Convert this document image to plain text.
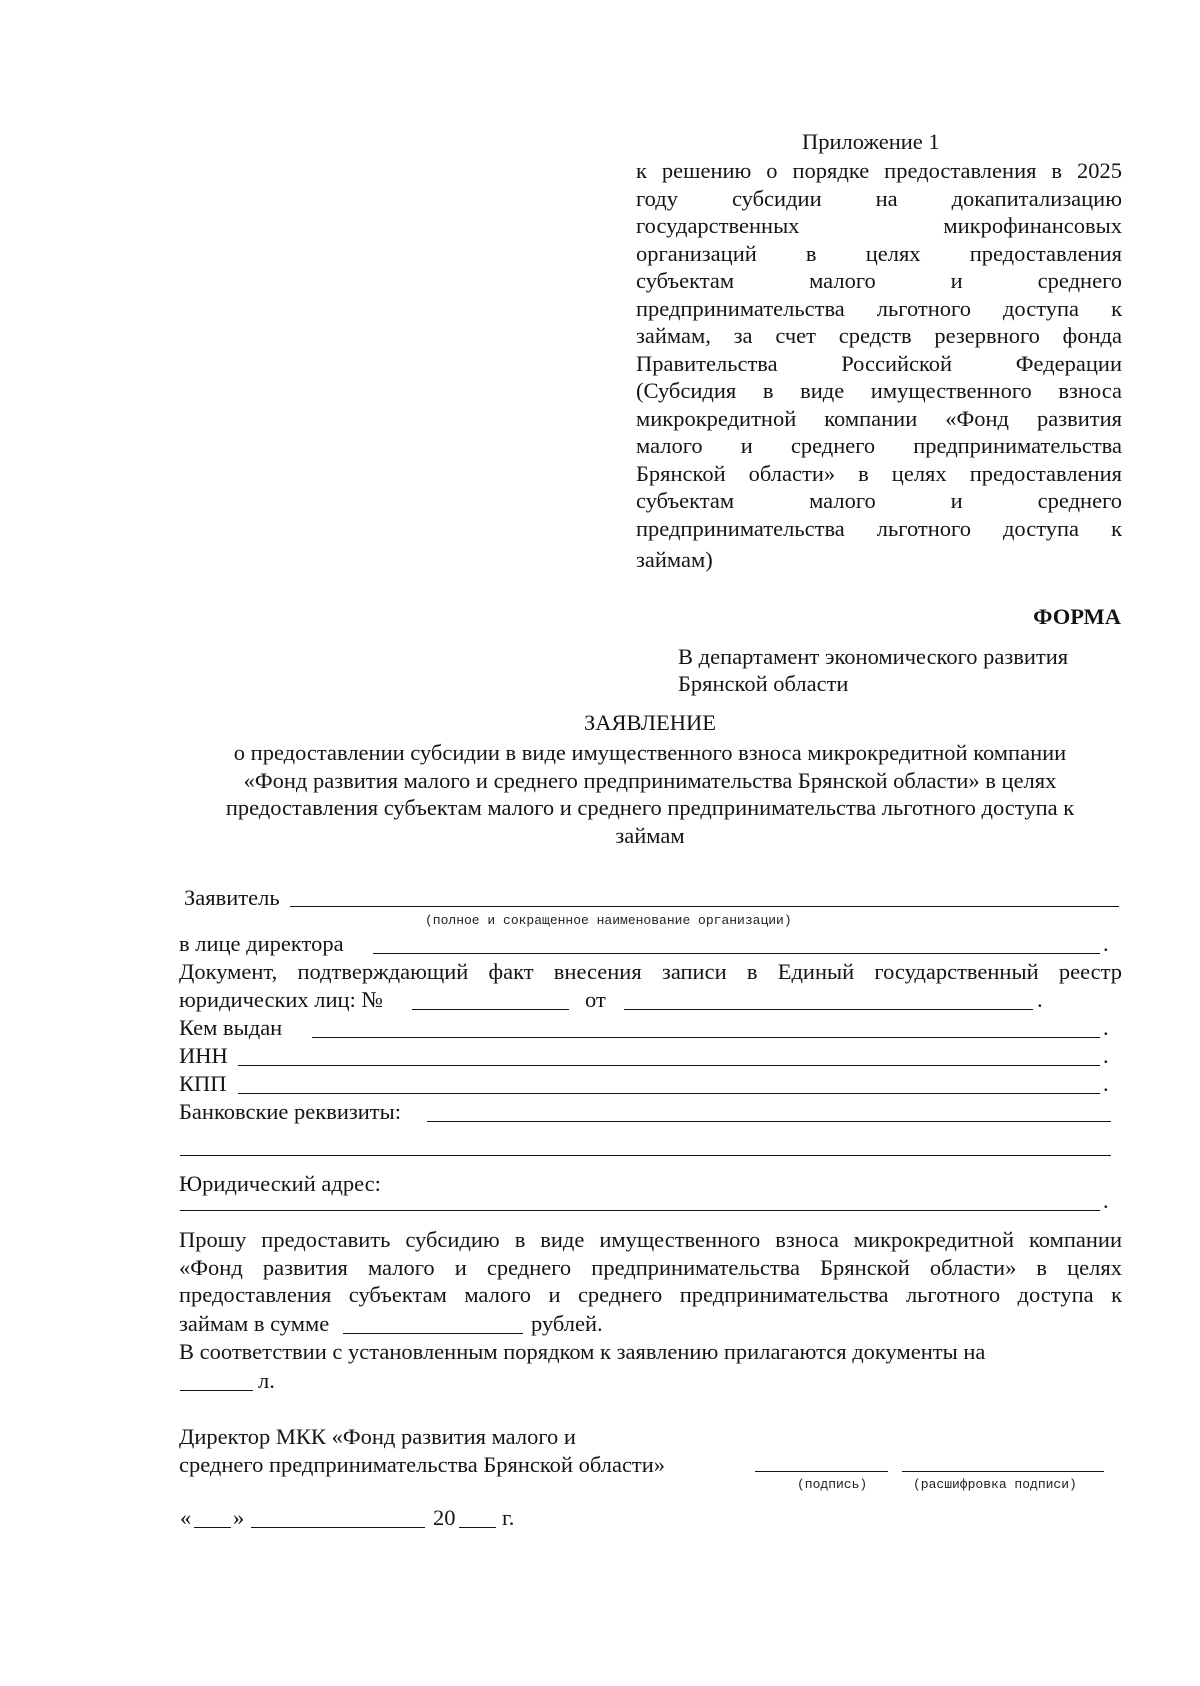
Приложение 1
к решению о порядке предоставления в 2025
году субсидии на докапитализацию
государственных микрофинансовых
организаций в целях предоставления
субъектам малого и среднего
предпринимательства льготного доступа к
займам, за счет средств резервного фонда
Правительства Российской Федерации
(Субсидия в виде имущественного взноса
микрокредитной компании «Фонд развития
малого и среднего предпринимательства
Брянской области» в целях предоставления
субъектам малого и среднего
предпринимательства льготного доступа к
займам)
ФОРМА
В департамент экономического развития
Брянской области
ЗАЯВЛЕНИЕ
о предоставлении субсидии в виде имущественного взноса микрокредитной компании
«Фонд развития малого и среднего предпринимательства Брянской области» в целях
предоставления субъектам малого и среднего предпринимательства льготного доступа к
займам
Заявитель
(полное и сокращенное наименование организации)
в лице директора	.
Документ, подтверждающий факт внесения записи в Единый государственный реестр
юридических лиц: №	от	.
Кем выдан	.
ИНН	.
КПП	.
Банковские реквизиты:
Юридический адрес:
.
Прошу предоставить субсидию в виде имущественного взноса микрокредитной компании
«Фонд развития малого и среднего предпринимательства Брянской области» в целях
предоставления субъектам малого и среднего предпринимательства льготного доступа к
займам в сумме	рублей.
В соответствии с установленным порядком к заявлению прилагаются документы на
л.
Директор МКК «Фонд развития малого и
среднего предпринимательства Брянской области»
(подпись)	(расшифровка подписи)
« »	20 г.
